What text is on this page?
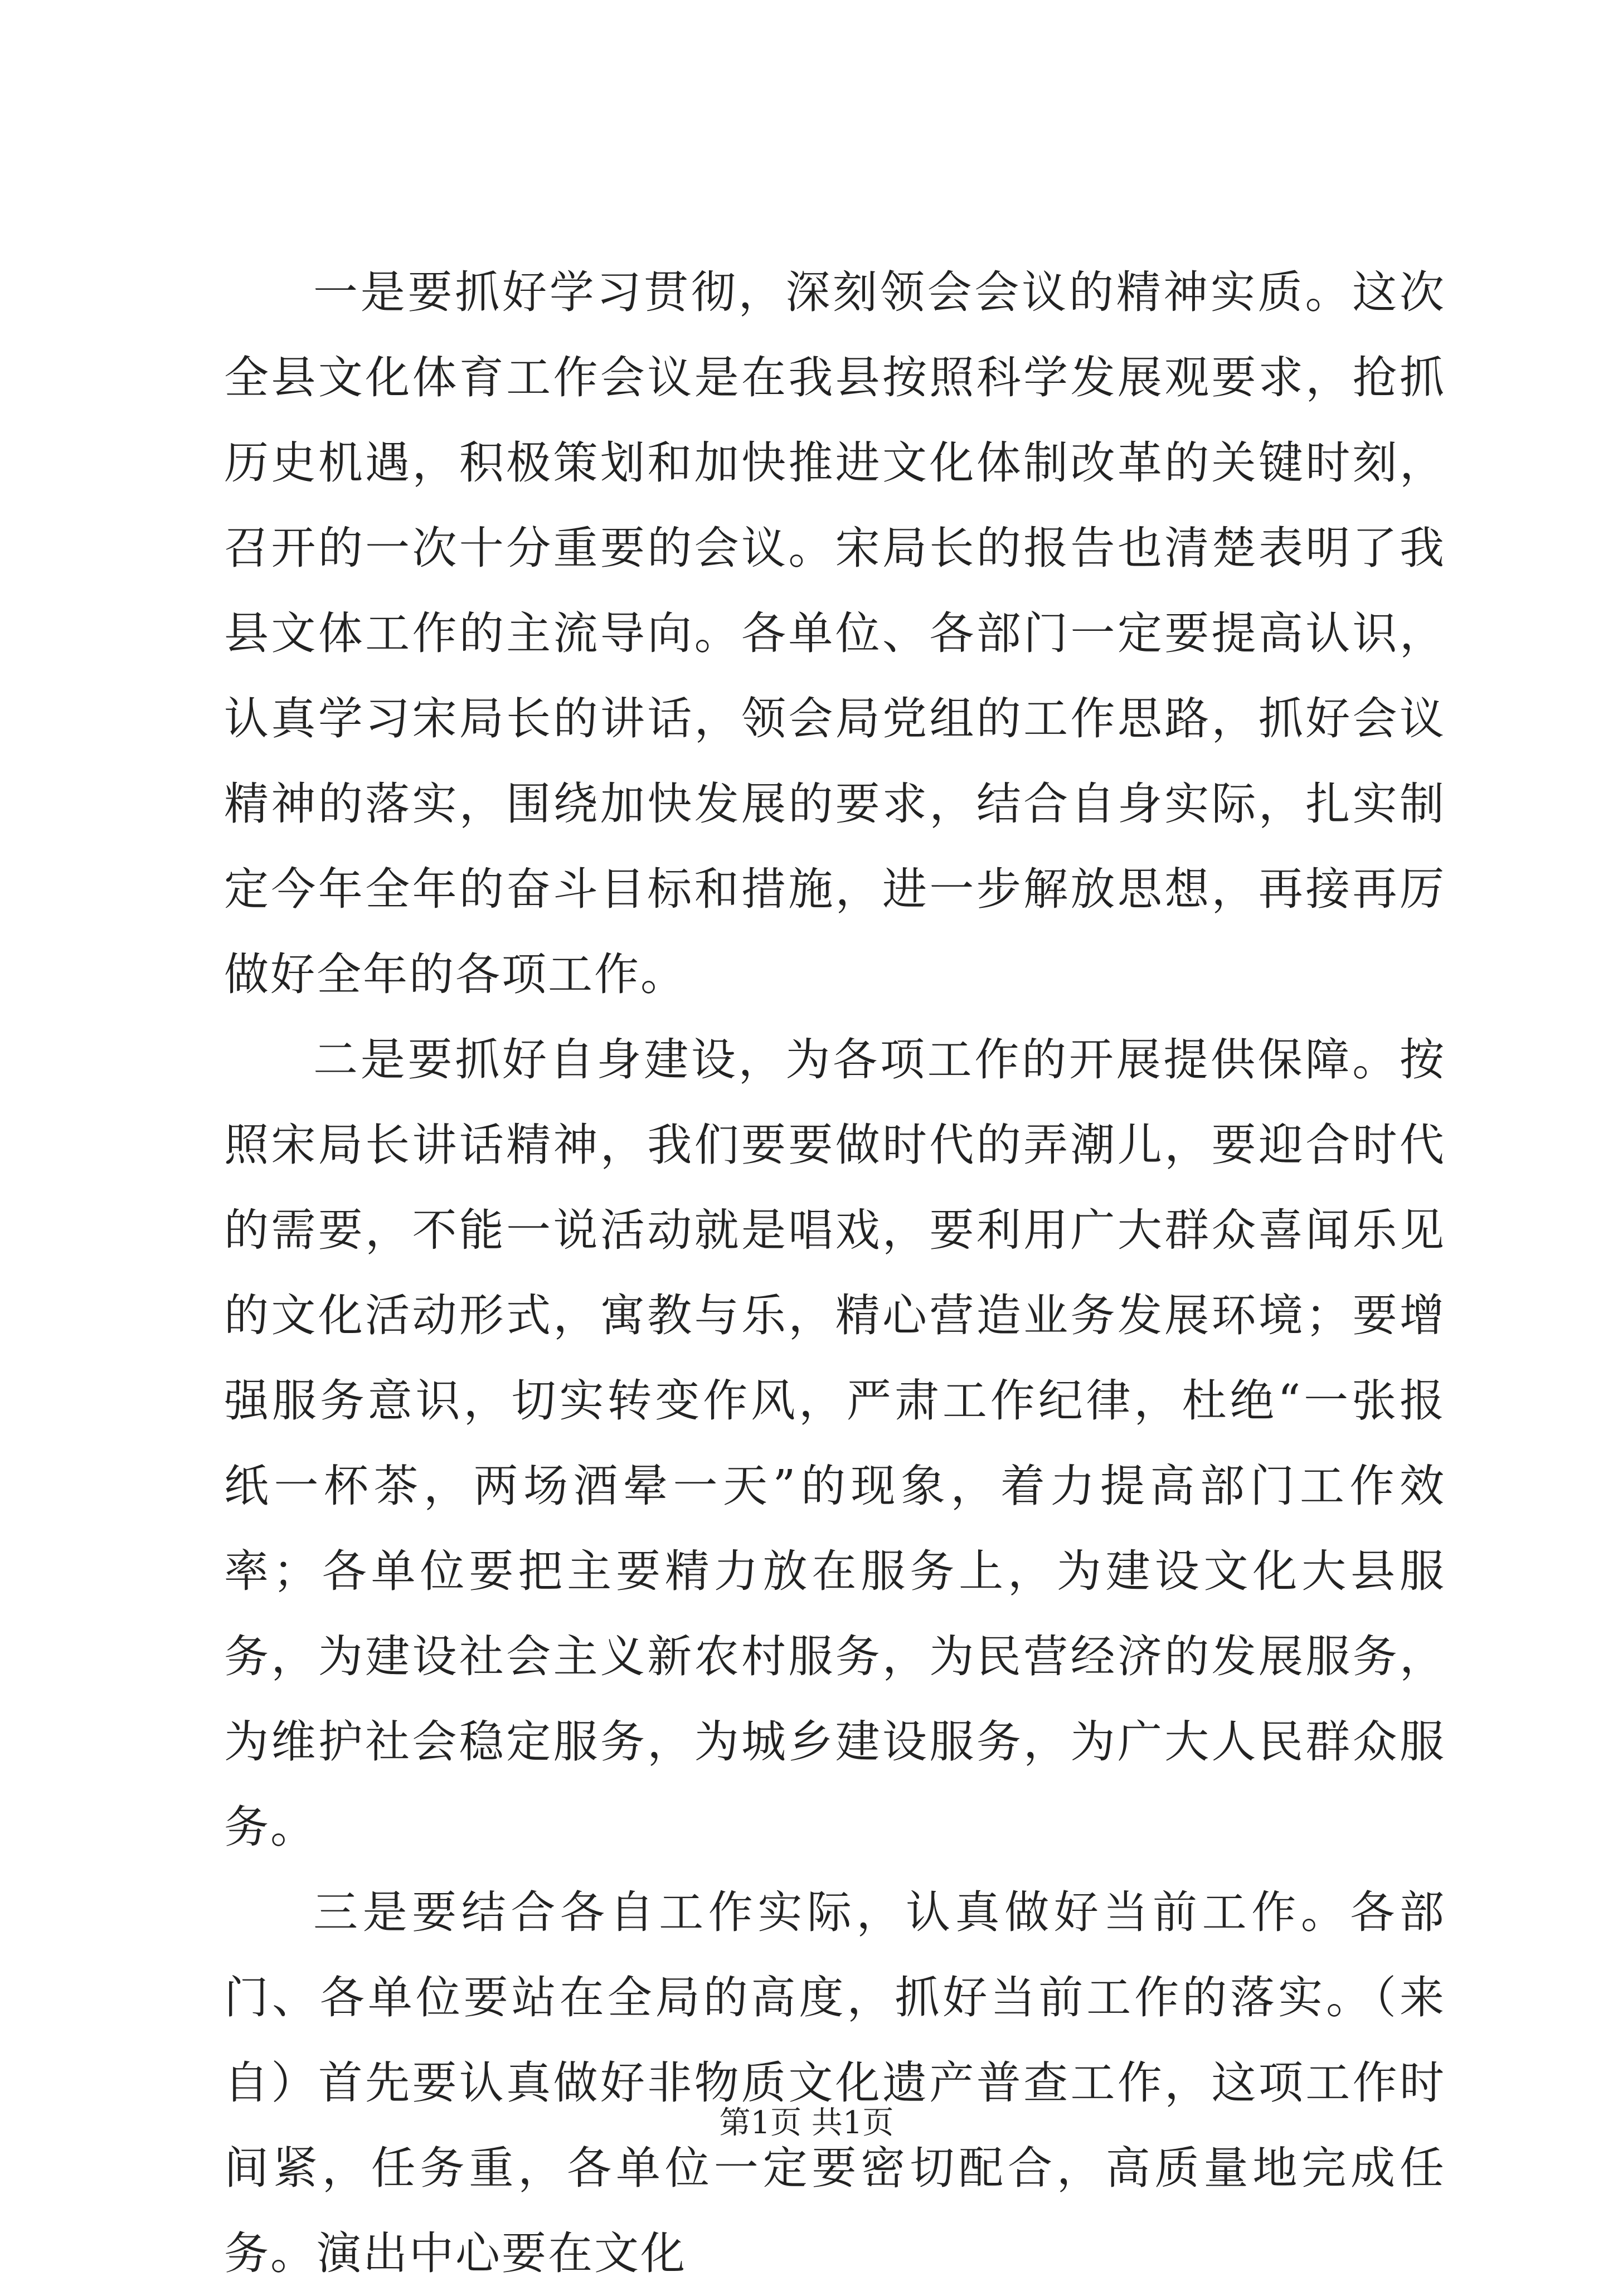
一是要抓好学习贯彻，深刻领会会议的精神实质。这次全县文化体育工作会议是在我县按照科学发展观要求，抢抓历史机遇，积极策划和加快推进文化体制改革的关键时刻，召开的一次十分重要的会议。宋局长的报告也清楚表明了我县文体工作的主流导向。各单位、各部门一定要提高认识，认真学习宋局长的讲话，领会局党组的工作思路，抓好会议精神的落实，围绕加快发展的要求，结合自身实际，扎实制定今年全年的奋斗目标和措施，进一步解放思想，再接再厉做好全年的各项工作。

二是要抓好自身建设，为各项工作的开展提供保障。按照宋局长讲话精神，我们要要做时代的弄潮儿，要迎合时代的需要，不能一说活动就是唱戏，要利用广大群众喜闻乐见的文化活动形式，寓教与乐，精心营造业务发展环境；要增强服务意识，切实转变作风，严肃工作纪律，杜绝“一张报纸一杯茶，两场酒晕一天”的现象，着力提高部门工作效率；各单位要把主要精力放在服务上，为建设文化大县服务，为建设社会主义新农村服务，为民营经济的发展服务，为维护社会稳定服务，为城乡建设服务，为广大人民群众服务。

三是要结合各自工作实际，认真做好当前工作。各部门、各单位要站在全局的高度，抓好当前工作的落实。（来自）首先要认真做好非物质文化遗产普查工作，这项工作时间紧，任务重，各单位一定要密切配合，高质量地完成任务。演出中心要在文化

第1页 共1页
